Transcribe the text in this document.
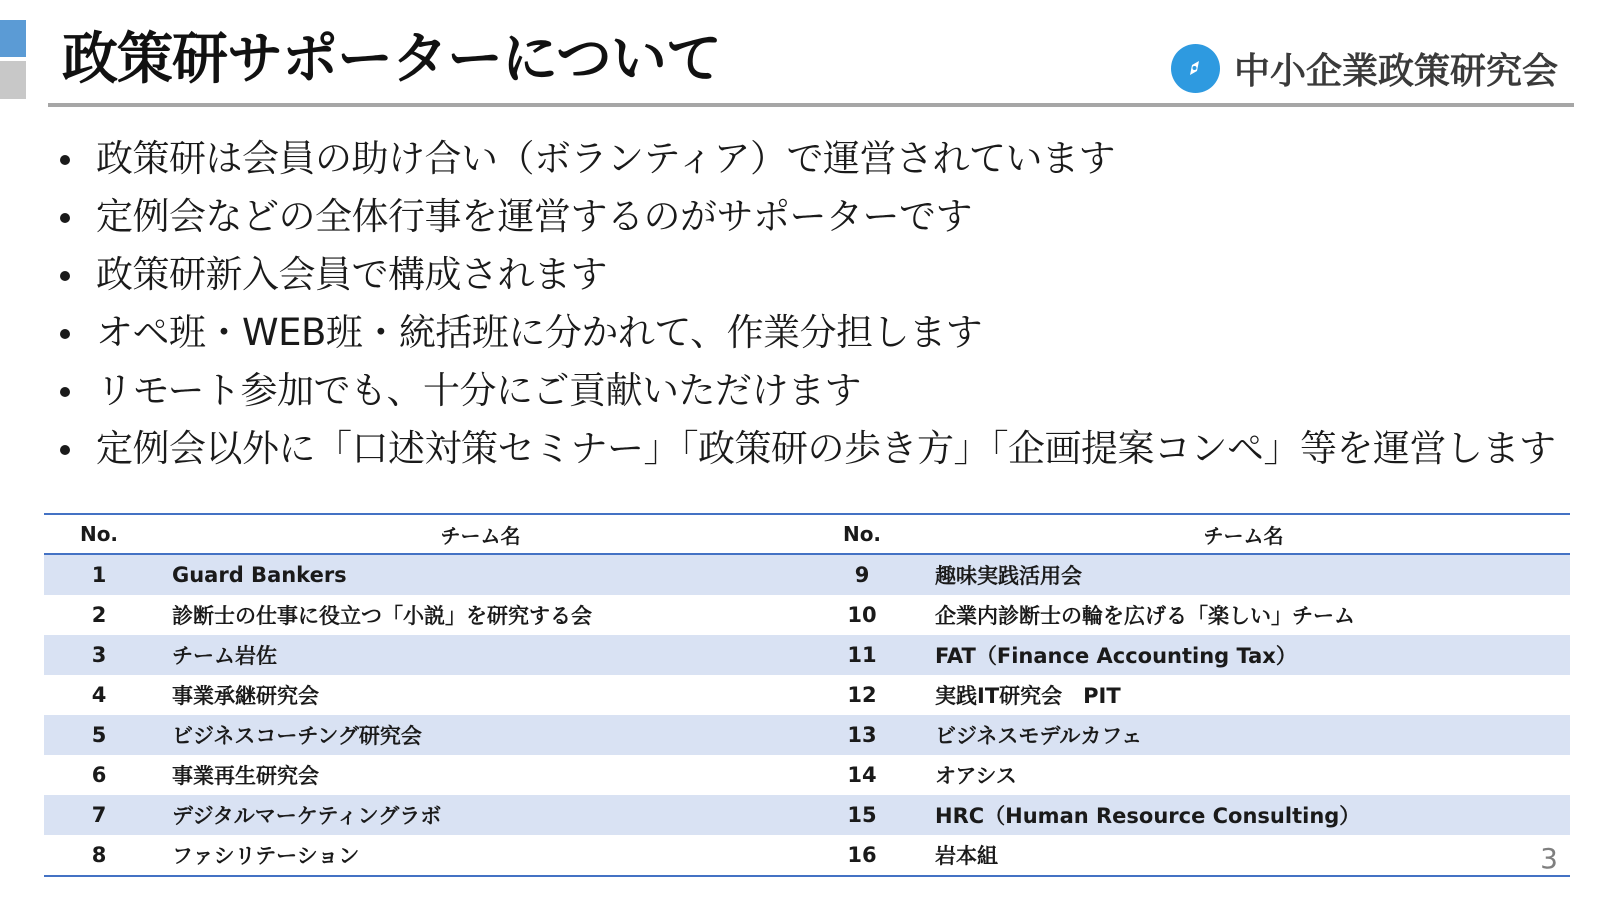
政策研サポーターについて	中小企業政策研究会
政策研は会員の助け合い（ボランティア）で運営されています
定例会などの全体行事を運営するのがサポーターです
政策研新入会員で構成されます
オペ班・WEB班・統括班に分かれて、作業分担します
リモート参加でも、十分にご貢献いただけます
定例会以外に「口述対策セミナー」「政策研の歩き方」「企画提案コンペ」等を運営します
No.	チーム名	No.	チーム名
1	Guard Bankers	9	趣味実践活用会
2	診断士の仕事に役立つ「小説」を研究する会	10	企業内診断士の輪を広げる「楽しい」チーム
3	チーム岩佐	11	FAT（Finance Accounting Tax）
4	事業承継研究会	12	実践IT研究会　PIT
5	ビジネスコーチング研究会	13	ビジネスモデルカフェ
6	事業再生研究会	14	オアシス
7	デジタルマーケティングラボ	15	HRC（Human Resource Consulting）
8	ファシリテーション	16	岩本組	3
